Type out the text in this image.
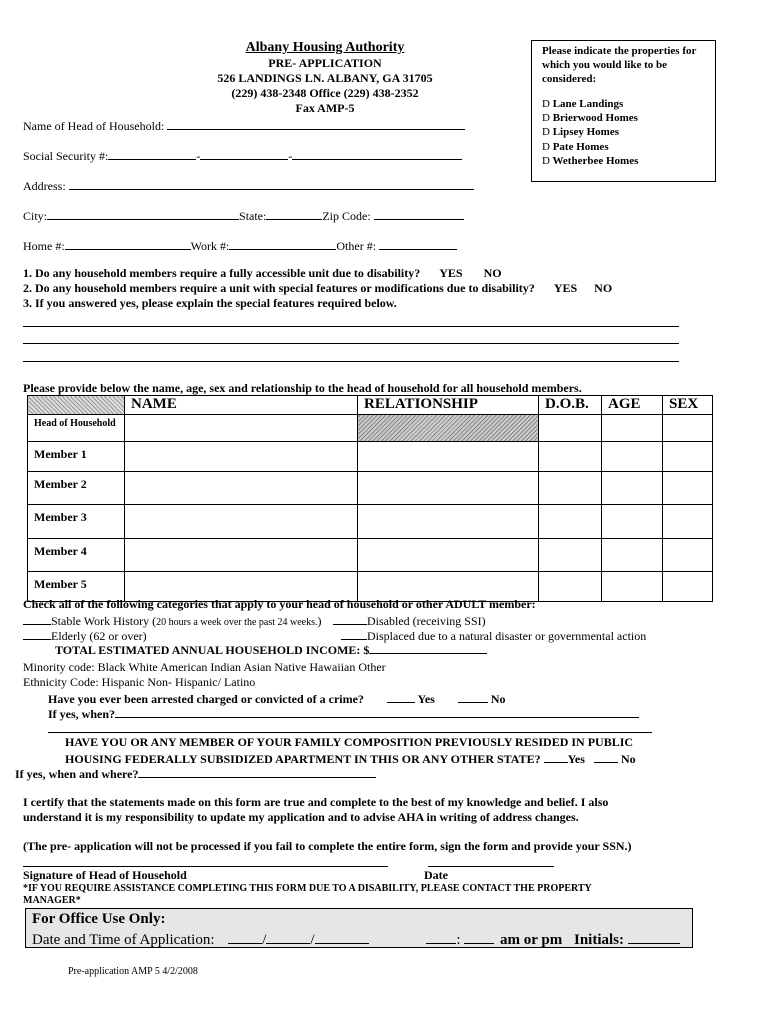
Albany Housing Authority
PRE- APPLICATION
526 LANDINGS LN. ALBANY, GA 31705
(229) 438-2348 Office (229) 438-2352
Fax AMP-5
Please indicate the properties for which you would like to be considered:
D Lane Landings
D Brierwood Homes
D Lipsey Homes
D Pate Homes
D Wetherbee Homes
Name of Head of Household:
Social Security #:	-	-
Address:
City:	State:	Zip Code:
Home #:	Work #:	Other #:
1. Do any household members require a fully accessible unit due to disability? YES NO
2. Do any household members require a unit with special features or modifications due to disability? YES NO
3. If you answered yes, please explain the special features required below.
Please provide below the name, age, sex and relationship to the head of household for all household members.
	NAME	RELATIONSHIP	D.O.B.	AGE	SEX
Head of Household					
Member 1					
Member 2					
Member 3					
Member 4					
Member 5					
Check all of the following categories that apply to your head of household or other ADULT member:
Stable Work History (20 hours a week over the past 24 weeks.)	Disabled (receiving SSI)
Elderly (62 or over)	Displaced due to a natural disaster or governmental action
TOTAL ESTIMATED ANNUAL HOUSEHOLD INCOME: $
Minority code: Black White American Indian Asian Native Hawaiian Other
Ethnicity Code: Hispanic Non- Hispanic/ Latino
Have you ever been arrested charged or convicted of a crime?	Yes	No
If yes, when?
HAVE YOU OR ANY MEMBER OF YOUR FAMILY COMPOSITION PREVIOUSLY RESIDED IN PUBLIC
HOUSING FEDERALLY SUBSIDIZED APARTMENT IN THIS OR ANY OTHER STATE? Yes	No
If yes, when and where?
I certify that the statements made on this form are true and complete to the best of my knowledge and belief. I also
understand it is my responsibility to update my application and to advise AHA in writing of address changes.
(The pre- application will not be processed if you fail to complete the entire form, sign the form and provide your SSN.)
Signature of Head of Household	Date
*IF YOU REQUIRE ASSISTANCE COMPLETING THIS FORM DUE TO A DISABILITY, PLEASE CONTACT THE PROPERTY
MANAGER*
For Office Use Only:
Date and Time of Application:	/	/	:	am or pm Initials:
Pre-application AMP 5 4/2/2008
